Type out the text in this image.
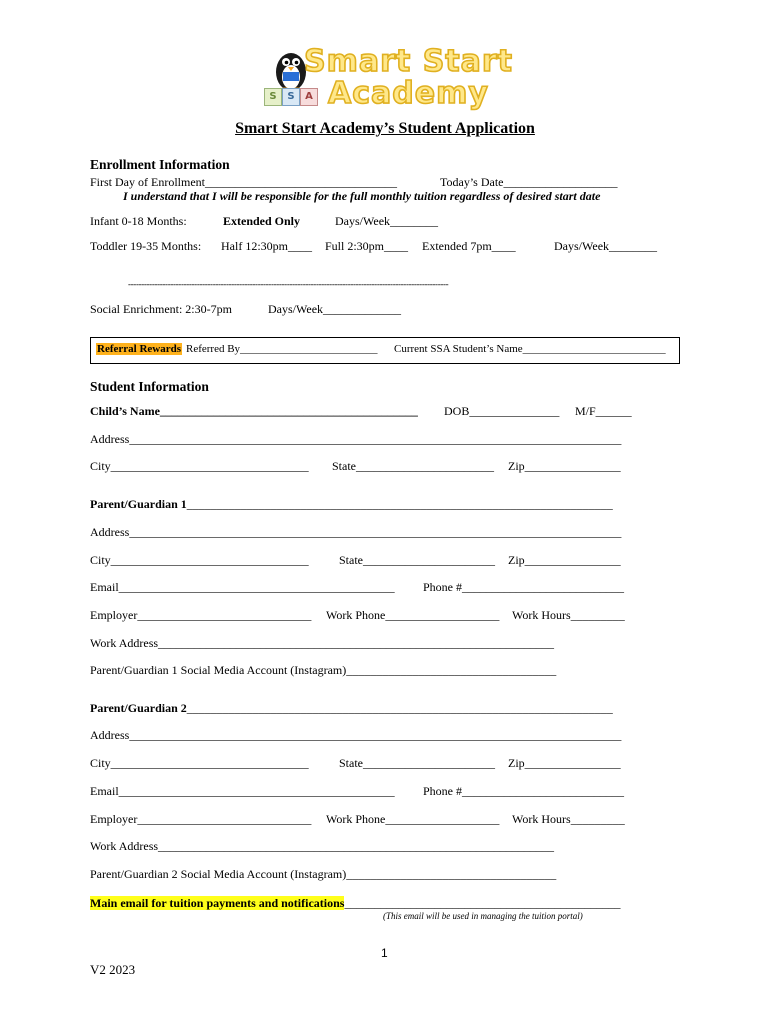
S S A
Smart Start
Academy
Smart Start Academy’s Student Application
Enrollment Information
First Day of Enrollment________________________________	Today’s Date___________________
I understand that I will be responsible for the full monthly tuition regardless of desired start date
Infant 0-18 Months:	Extended Only	Days/Week________
Toddler 19-35 Months: Half 12:30pm____ Full 2:30pm____ Extended 7pm____	Days/Week________
-------------------------------------------------------------------------------------------------------------------------
Social Enrichment: 2:30-7pm	Days/Week_____________
Referral Rewards Referred By_________________________ Current SSA Student’s Name__________________________
Student Information
Child’s Name___________________________________________ DOB_______________ M/F______
Address__________________________________________________________________________________
City_________________________________ State_______________________ Zip________________
Parent/Guardian 1_______________________________________________________________________
Address__________________________________________________________________________________
City_________________________________	State______________________ Zip________________
Email______________________________________________ Phone #___________________________
Employer_____________________________ Work Phone___________________ Work Hours_________
Work Address__________________________________________________________________
Parent/Guardian 1 Social Media Account (Instagram)___________________________________
Parent/Guardian 2_______________________________________________________________________
Address__________________________________________________________________________________
City_________________________________	State______________________ Zip________________
Email______________________________________________ Phone #___________________________
Employer_____________________________ Work Phone___________________ Work Hours_________
Work Address__________________________________________________________________
Parent/Guardian 2 Social Media Account (Instagram)___________________________________
Main email for tuition payments and notifications______________________________________________
(This email will be used in managing the tuition portal)
1
V2 2023
